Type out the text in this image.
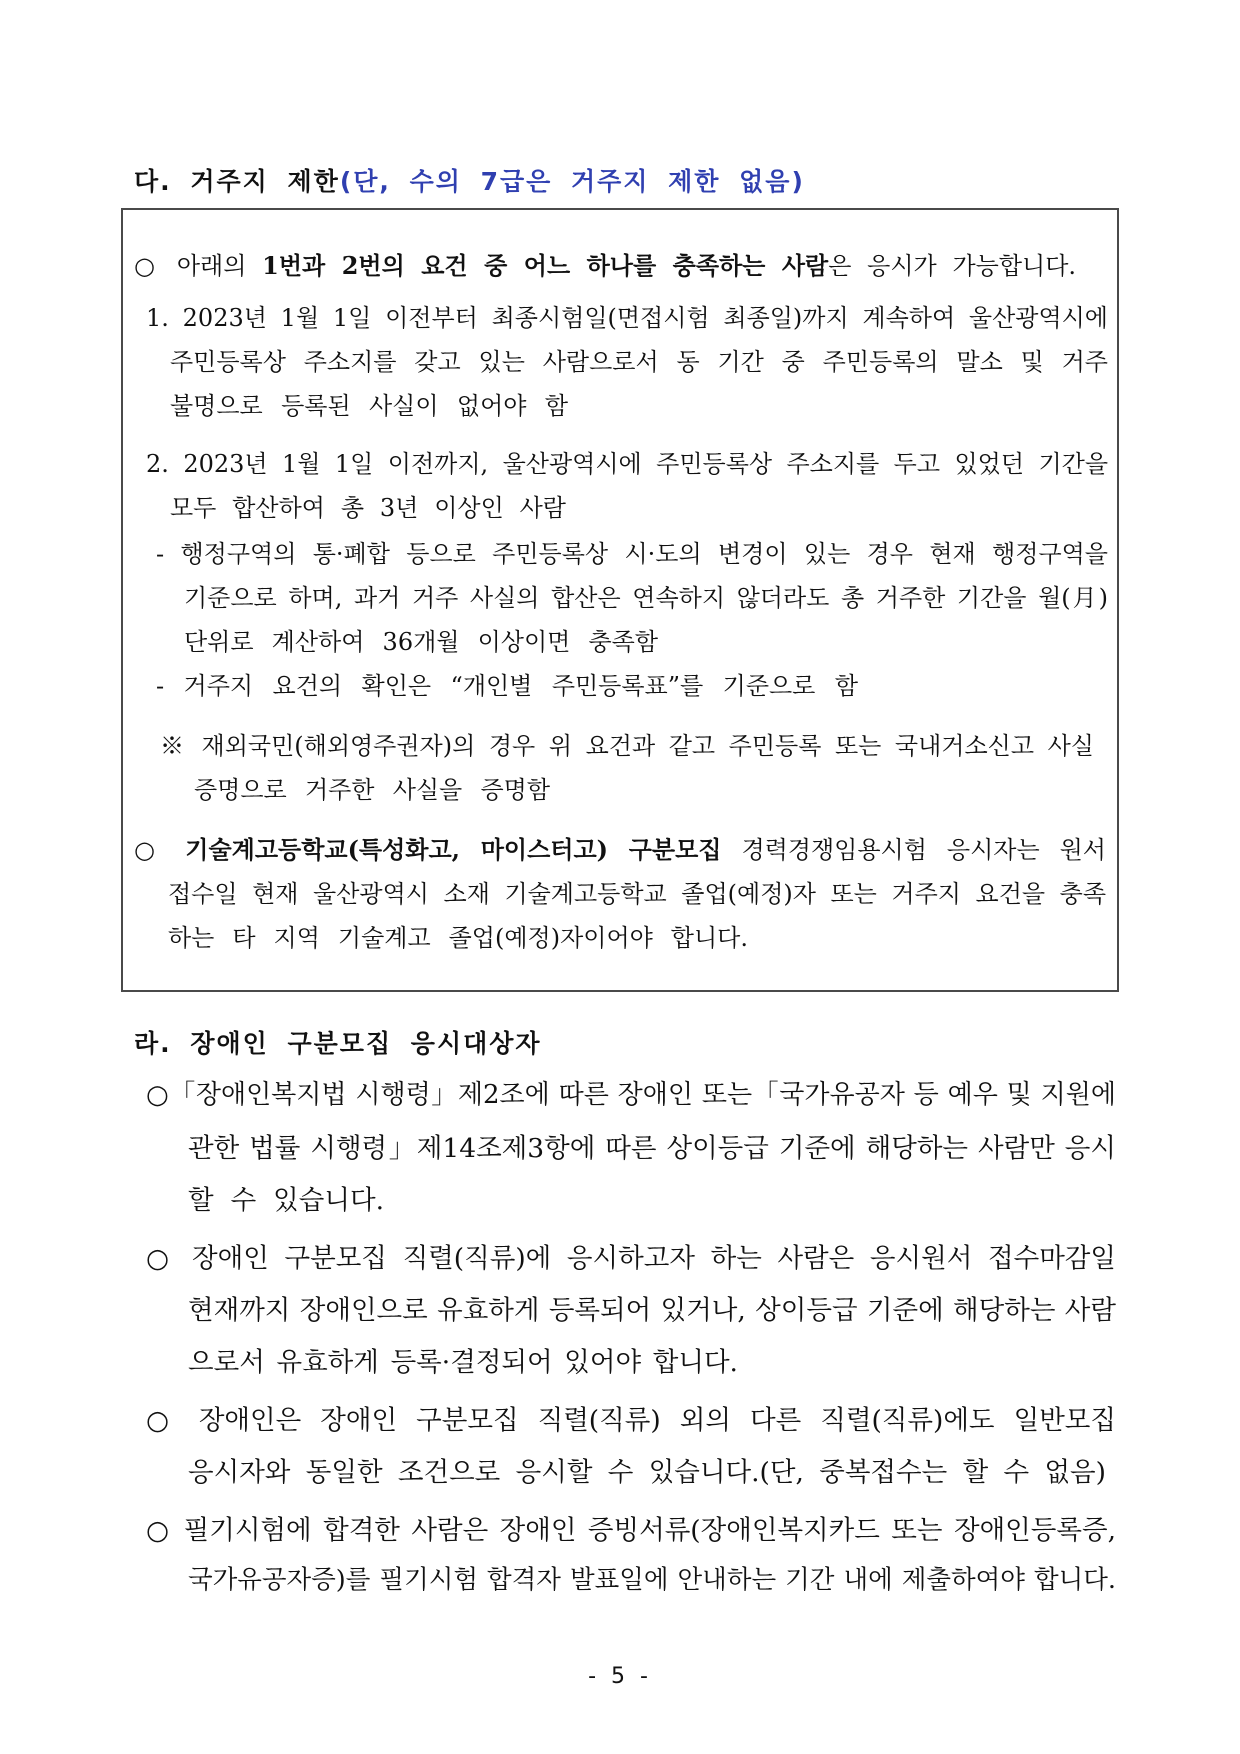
다. 거주지 제한(단, 수의 7급은 거주지 제한 없음)
○ 아래의 1번과 2번의 요건 중 어느 하나를 충족하는 사람은 응시가 가능합니다.
1. 2023년 1월 1일 이전부터 최종시험일(면접시험 최종일)까지 계속하여 울산광역시에
주민등록상 주소지를 갖고 있는 사람으로서 동 기간 중 주민등록의 말소 및 거주
불명으로 등록된 사실이 없어야 함
2. 2023년 1월 1일 이전까지, 울산광역시에 주민등록상 주소지를 두고 있었던 기간을
모두 합산하여 총 3년 이상인 사람
- 행정구역의 통·폐합 등으로 주민등록상 시·도의 변경이 있는 경우 현재 행정구역을
기준으로 하며, 과거 거주 사실의 합산은 연속하지 않더라도 총 거주한 기간을 월(月)
단위로 계산하여 36개월 이상이면 충족함
- 거주지 요건의 확인은 “개인별 주민등록표”를 기준으로 함
※ 재외국민(해외영주권자)의 경우 위 요건과 같고 주민등록 또는 국내거소신고 사실
증명으로 거주한 사실을 증명함
○ 기술계고등학교(특성화고, 마이스터고) 구분모집 경력경쟁임용시험 응시자는 원서
접수일 현재 울산광역시 소재 기술계고등학교 졸업(예정)자 또는 거주지 요건을 충족
하는 타 지역 기술계고 졸업(예정)자이어야 합니다.
라. 장애인 구분모집 응시대상자
○「장애인복지법 시행령」제2조에 따른 장애인 또는「국가유공자 등 예우 및 지원에
관한 법률 시행령」제14조제3항에 따른 상이등급 기준에 해당하는 사람만 응시
할 수 있습니다.
○ 장애인 구분모집 직렬(직류)에 응시하고자 하는 사람은 응시원서 접수마감일
현재까지 장애인으로 유효하게 등록되어 있거나, 상이등급 기준에 해당하는 사람
으로서 유효하게 등록·결정되어 있어야 합니다.
○ 장애인은 장애인 구분모집 직렬(직류) 외의 다른 직렬(직류)에도 일반모집
응시자와 동일한 조건으로 응시할 수 있습니다.(단, 중복접수는 할 수 없음)
○ 필기시험에 합격한 사람은 장애인 증빙서류(장애인복지카드 또는 장애인등록증,
국가유공자증)를 필기시험 합격자 발표일에 안내하는 기간 내에 제출하여야 합니다.
- 5 -
